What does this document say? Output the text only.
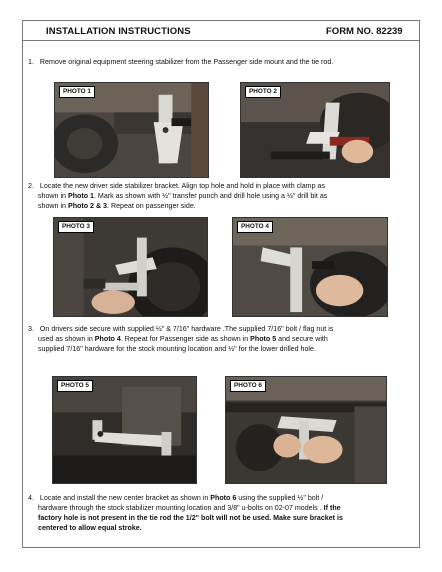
INSTALLATION INSTRUCTIONS	FORM NO. 82239
1. Remove original equipment steering stabilizer from the Passenger side mount and the tie rod.
PHOTO 1	PHOTO 2
2. Locate the new driver side stabilizer bracket. Align top hole and hold in place with clamp as
shown in Photo 1. Mark as shown with ½" transfer punch and drill hole using a ½" drill bit as
shown in Photo 2 & 3. Repeat on passenger side.
PHOTO 3	PHOTO 4
3. On drivers side secure with supplied ½" & 7/16" hardware .The supplied 7/16" bolt / flag nut is
used as shown in Photo 4. Repeat for Passenger side as shown in Photo 5 and secure with
supplied 7/16" hardware for the stock mounting location and ½" for the lower drilled hole.
PHOTO 5	PHOTO 6
4. Locate and install the new center bracket as shown in Photo 6 using the supplied ½" bolt /
hardware through the stock stabilizer mounting location and 3/8" u-bolts on 02-07 models . If the
factory hole is not present in the tie rod the 1/2" bolt will not be used. Make sure bracket is
centered to allow equal stroke.
